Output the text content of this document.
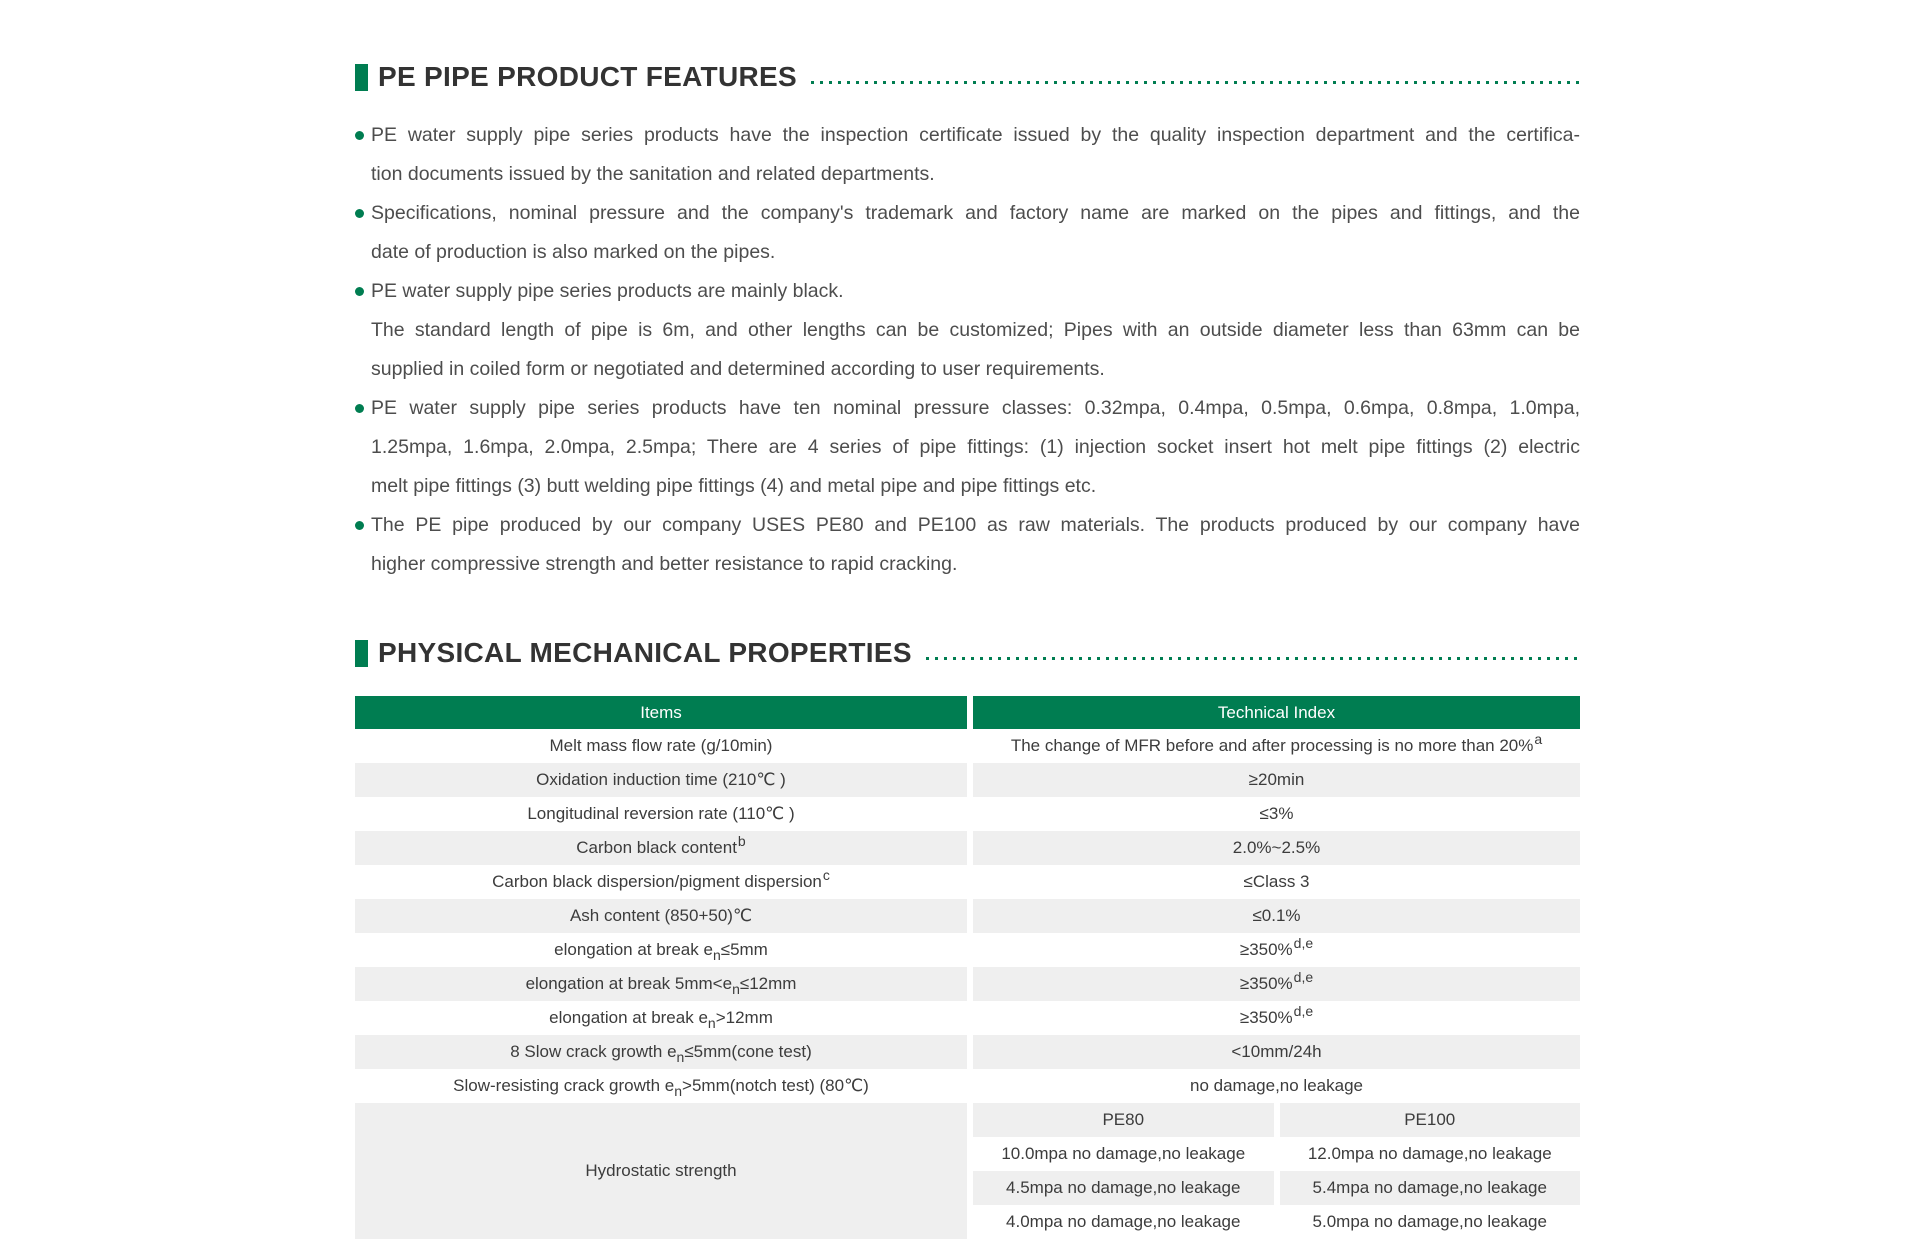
PE PIPE PRODUCT FEATURES
PE water supply pipe series products have the inspection certificate issued by the quality inspection department and the certifica-
tion documents issued by the sanitation and related departments.
Specifications, nominal pressure and the company's trademark and factory name are marked on the pipes and fittings, and the
date of production is also marked on the pipes.
PE water supply pipe series products are mainly black.
The standard length of pipe is 6m, and other lengths can be customized; Pipes with an outside diameter less than 63mm can be
supplied in coiled form or negotiated and determined according to user requirements.
PE water supply pipe series products have ten nominal pressure classes: 0.32mpa, 0.4mpa, 0.5mpa, 0.6mpa, 0.8mpa, 1.0mpa,
1.25mpa, 1.6mpa, 2.0mpa, 2.5mpa; There are 4 series of pipe fittings: (1) injection socket insert hot melt pipe fittings (2) electric
melt pipe fittings (3) butt welding pipe fittings (4) and metal pipe and pipe fittings etc.
The PE pipe produced by our company USES PE80 and PE100 as raw materials. The products produced by our company have
higher compressive strength and better resistance to rapid cracking.
PHYSICAL MECHANICAL PROPERTIES
Items	Technical Index
Melt mass flow rate (g/10min)	The change of MFR before and after processing is no more than 20%$^a$
Oxidation induction time (210℃ )	≥20min
Longitudinal reversion rate (110℃ )	≤3%
Carbon black content$^b$	2.0%~2.5%
Carbon black dispersion/pigment dispersion$^c$	≤Class 3
Ash content (850+50)℃	≤0.1%
elongation at break $e_n \le 5mm$	≥350%$^{d,e}$
elongation at break $5mm<e_n \le 12mm$	≥350%$^{d,e}$
elongation at break $e_n >12mm$	≥350%$^{d,e}$
8 Slow crack growth $e_n$ ≤5mm(cone test)	<10mm/24h
Slow-resisting crack growth $e_n$ >5mm(notch test) (80℃)	no damage,no leakage
Hydrostatic strength
PE80	PE100
10.0mpa no damage,no leakage	12.0mpa no damage,no leakage
4.5mpa no damage,no leakage	5.4mpa no damage,no leakage
4.0mpa no damage,no leakage	5.0mpa no damage,no leakage
